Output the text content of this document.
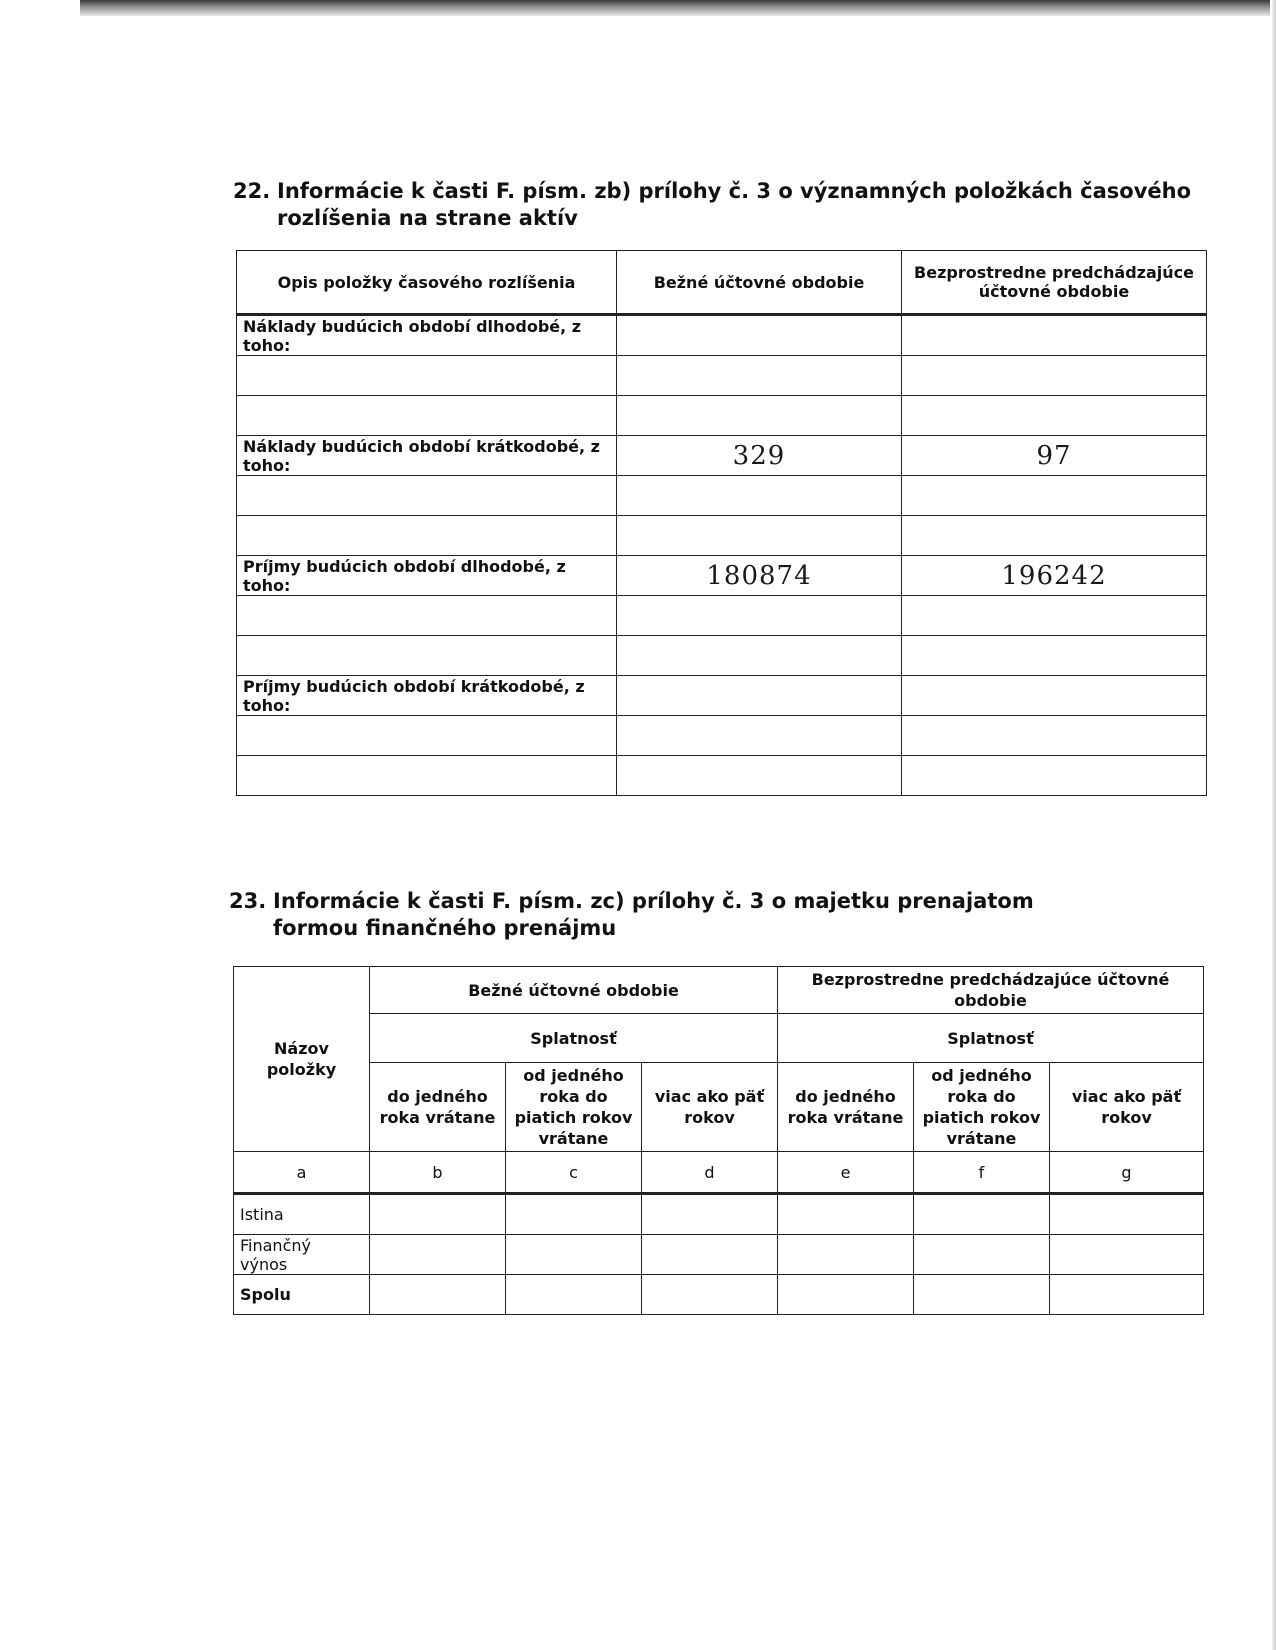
22. Informácie k časti F. písm. zb) prílohy č. 3 o významných položkách časového rozlíšenia na strane aktív
Opis položky časového rozlíšenia	Bežné účtovné obdobie	Bezprostredne predchádzajúce účtovné obdobie
Náklady budúcich období dlhodobé, z toho:		

Náklady budúcich období krátkodobé, z toho:	329	97

Príjmy budúcich období dlhodobé, z toho:	180874	196242

Príjmy budúcich období krátkodobé, z toho:		

23. Informácie k časti F. písm. zc) prílohy č. 3 o majetku prenajatom formou finančného prenájmu
Názov položky	Bežné účtovné obdobie			Bezprostredne predchádzajúce účtovné obdobie		
	Splatnosť			Splatnosť		
	do jedného roka vrátane	od jedného roka do piatich rokov vrátane	viac ako päť rokov	do jedného roka vrátane	od jedného roka do piatich rokov vrátane	viac ako päť rokov
a	b	c	d	e	f	g
Istina						
Finančný výnos						
Spolu						
